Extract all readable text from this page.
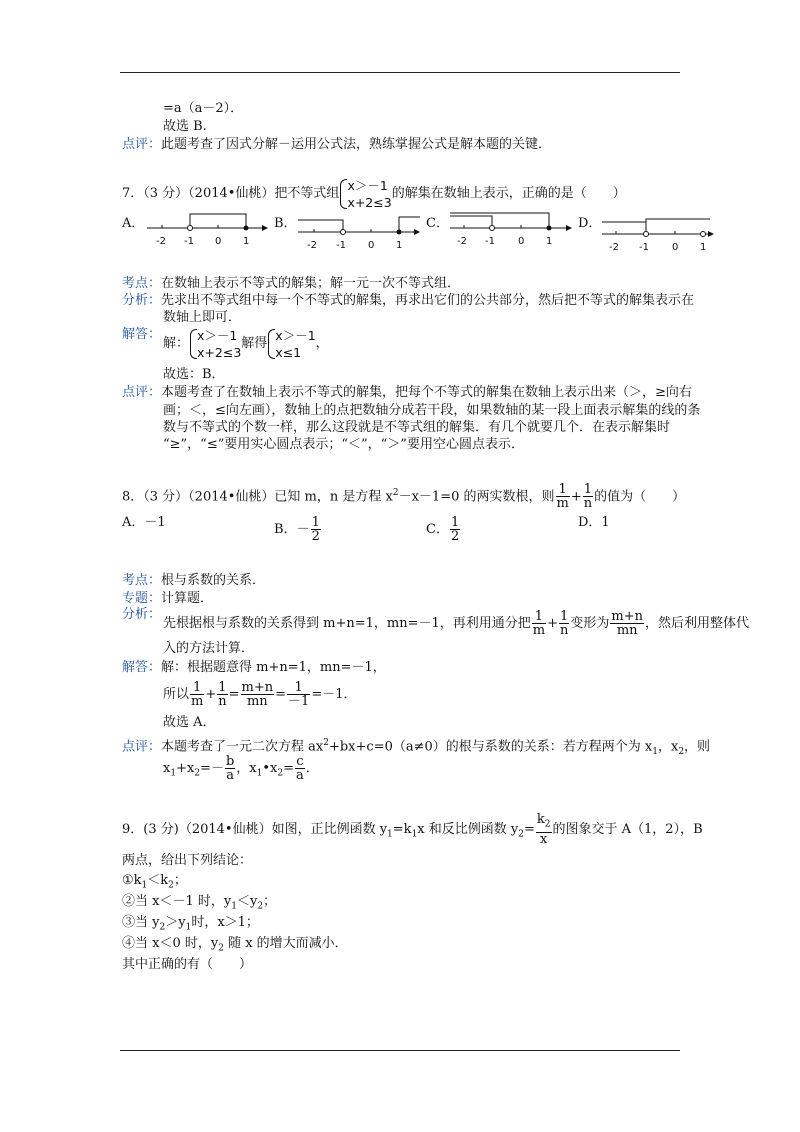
=a（a－2）．
故选 B.
点评：此题考查了因式分解－运用公式法，熟练掌握公式是解本题的关键．
7．（3 分）（2014•仙桃）把不等式组
x＞－1
x+2≤3
的解集在数轴上表示，正确的是（　　）
A．
-2 -1 0 1
B．
-2 -1 0 1
C．
-2 -1 0 1
D．
-2 -1 0 1
考点：在数轴上表示不等式的解集；解一元一次不等式组．
分析：先求出不等式组中每一个不等式的解集，再求出它们的公共部分，然后把不等式的解集表示在
数轴上即可．
解答：
解：
x＞－1
x+2≤3
解得
x＞－1
x≤1
，
故选：B．
点评：本题考查了在数轴上表示不等式的解集，把每个不等式的解集在数轴上表示出来（＞，≥向右
画；＜，≤向左画），数轴上的点把数轴分成若干段，如果数轴的某一段上面表示解集的线的条
数与不等式的个数一样，那么这段就是不等式组的解集．有几个就要几个．在表示解集时
“≥”，“≤”要用实心圆点表示；“＜”，“＞”要用空心圆点表示．
8．（3 分）（2014•仙桃）已知 m，n 是方程 $x^2-x-1=0$ 的两实数根，则 $\frac{1}{m} + \frac{1}{n}$ 的值为（　　）
A．－1	B．－ $\frac{1}{2}$	C． $\frac{1}{2}$	D．1
考点：根与系数的关系．
专题：计算题．
分析：
先根据根与系数的关系得到 m+n=1，mn=－1，再利用通分把 $\frac{1}{m} + \frac{1}{n}$ 变形为 $\frac{m+n}{mn}$ ，然后利用整体代
入的方法计算．
解答：解：根据题意得 m+n=1，mn=－1，
所以 $\frac{1}{m} + \frac{1}{n} = \frac{m+n}{mn} = \frac{1}{-1} =-1$．
故选 A．
点评：本题考查了一元二次方程 $ax^2+bx+c=0(a\ne 0)$的根与系数的关系：若方程两个为 $x_1$，$x_2$，则
$x_1+x_2=- \frac{b}{a}$ ，$x_1•x_2= \frac{c}{a}$ ．
9．(3 分)（2014•仙桃）如图，正比例函数 $y_1=k_1x$ 和反比例函数 $y_2= \frac{k_2}{x}$ 的图象交于 A（1，2），B
两点，给出下列结论：
$①k_1<k_2$；
②当 x＜－1 时，$y_1<y_2$；
③当 $y_2>y_1$时，x＞1；
④当 x＜0 时，$y_2$ 随 x 的增大而减小．
其中正确的有（　　）
